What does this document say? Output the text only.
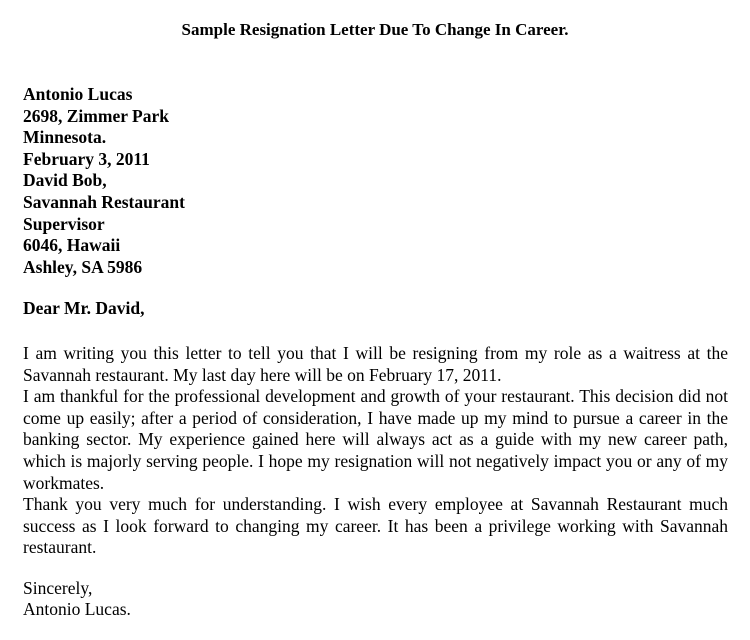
Sample Resignation Letter Due To Change In Career.
Antonio Lucas
2698, Zimmer Park
Minnesota.
February 3, 2011
David Bob,
Savannah Restaurant
Supervisor
6046, Hawaii
Ashley, SA 5986
Dear Mr. David,

I am writing you this letter to tell you that I will be resigning from my role as a waitress at the Savannah restaurant. My last day here will be on February 17, 2011.

I am thankful for the professional development and growth of your restaurant. This decision did not come up easily; after a period of consideration, I have made up my mind to pursue a career in the banking sector. My experience gained here will always act as a guide with my new career path, which is majorly serving people. I hope my resignation will not negatively impact you or any of my workmates.

Thank you very much for understanding. I wish every employee at Savannah Restaurant much success as I look forward to changing my career. It has been a privilege working with Savannah restaurant.

Sincerely,
Antonio Lucas.
